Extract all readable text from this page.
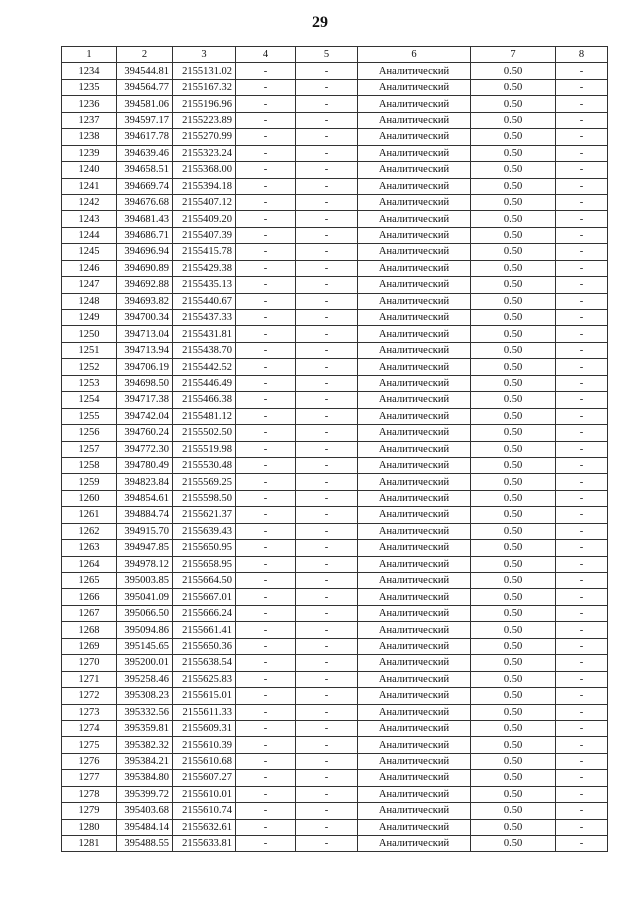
29
1	2	3	4	5	6	7	8
1234	394544.81	2155131.02	-	-	Аналитический	0.50	-
1235	394564.77	2155167.32	-	-	Аналитический	0.50	-
1236	394581.06	2155196.96	-	-	Аналитический	0.50	-
1237	394597.17	2155223.89	-	-	Аналитический	0.50	-
1238	394617.78	2155270.99	-	-	Аналитический	0.50	-
1239	394639.46	2155323.24	-	-	Аналитический	0.50	-
1240	394658.51	2155368.00	-	-	Аналитический	0.50	-
1241	394669.74	2155394.18	-	-	Аналитический	0.50	-
1242	394676.68	2155407.12	-	-	Аналитический	0.50	-
1243	394681.43	2155409.20	-	-	Аналитический	0.50	-
1244	394686.71	2155407.39	-	-	Аналитический	0.50	-
1245	394696.94	2155415.78	-	-	Аналитический	0.50	-
1246	394690.89	2155429.38	-	-	Аналитический	0.50	-
1247	394692.88	2155435.13	-	-	Аналитический	0.50	-
1248	394693.82	2155440.67	-	-	Аналитический	0.50	-
1249	394700.34	2155437.33	-	-	Аналитический	0.50	-
1250	394713.04	2155431.81	-	-	Аналитический	0.50	-
1251	394713.94	2155438.70	-	-	Аналитический	0.50	-
1252	394706.19	2155442.52	-	-	Аналитический	0.50	-
1253	394698.50	2155446.49	-	-	Аналитический	0.50	-
1254	394717.38	2155466.38	-	-	Аналитический	0.50	-
1255	394742.04	2155481.12	-	-	Аналитический	0.50	-
1256	394760.24	2155502.50	-	-	Аналитический	0.50	-
1257	394772.30	2155519.98	-	-	Аналитический	0.50	-
1258	394780.49	2155530.48	-	-	Аналитический	0.50	-
1259	394823.84	2155569.25	-	-	Аналитический	0.50	-
1260	394854.61	2155598.50	-	-	Аналитический	0.50	-
1261	394884.74	2155621.37	-	-	Аналитический	0.50	-
1262	394915.70	2155639.43	-	-	Аналитический	0.50	-
1263	394947.85	2155650.95	-	-	Аналитический	0.50	-
1264	394978.12	2155658.95	-	-	Аналитический	0.50	-
1265	395003.85	2155664.50	-	-	Аналитический	0.50	-
1266	395041.09	2155667.01	-	-	Аналитический	0.50	-
1267	395066.50	2155666.24	-	-	Аналитический	0.50	-
1268	395094.86	2155661.41	-	-	Аналитический	0.50	-
1269	395145.65	2155650.36	-	-	Аналитический	0.50	-
1270	395200.01	2155638.54	-	-	Аналитический	0.50	-
1271	395258.46	2155625.83	-	-	Аналитический	0.50	-
1272	395308.23	2155615.01	-	-	Аналитический	0.50	-
1273	395332.56	2155611.33	-	-	Аналитический	0.50	-
1274	395359.81	2155609.31	-	-	Аналитический	0.50	-
1275	395382.32	2155610.39	-	-	Аналитический	0.50	-
1276	395384.21	2155610.68	-	-	Аналитический	0.50	-
1277	395384.80	2155607.27	-	-	Аналитический	0.50	-
1278	395399.72	2155610.01	-	-	Аналитический	0.50	-
1279	395403.68	2155610.74	-	-	Аналитический	0.50	-
1280	395484.14	2155632.61	-	-	Аналитический	0.50	-
1281	395488.55	2155633.81	-	-	Аналитический	0.50	-
